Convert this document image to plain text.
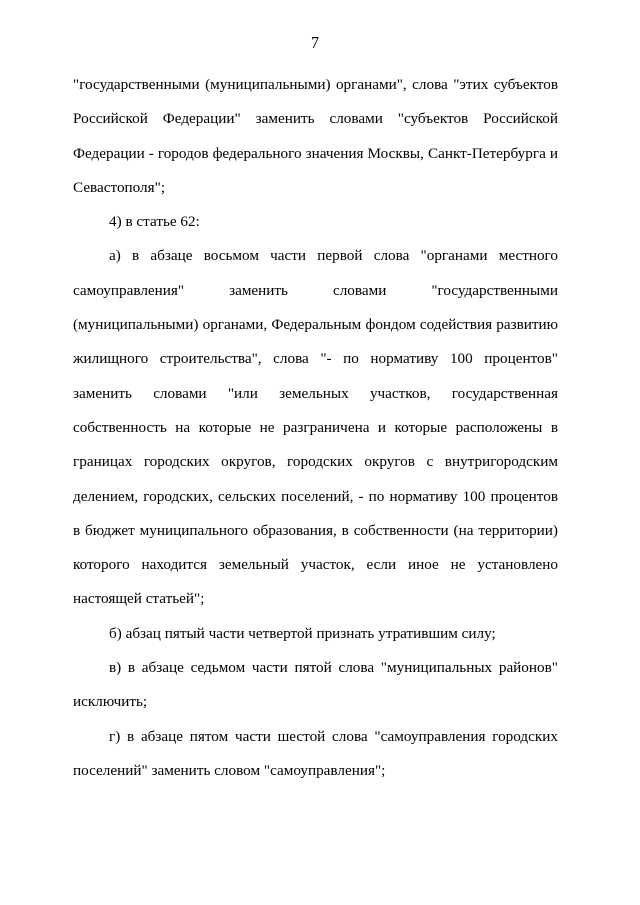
7

"государственными (муниципальными) органами", слова "этих субъектов Российской Федерации" заменить словами "субъектов Российской Федерации - городов федерального значения Москвы, Санкт-Петербурга и Севастополя";

4) в статье 62:

а) в абзаце восьмом части первой слова "органами местного самоуправления" заменить словами "государственными (муниципальными) органами, Федеральным фондом содействия развитию жилищного строительства", слова "- по нормативу 100 процентов" заменить словами "или земельных участков, государственная собственность на которые не разграничена и которые расположены в границах городских округов, городских округов с внутригородским делением, городских, сельских поселений, - по нормативу 100 процентов в бюджет муниципального образования, в собственности (на территории) которого находится земельный участок, если иное не установлено настоящей статьей";

б) абзац пятый части четвертой признать утратившим силу;

в) в абзаце седьмом части пятой слова "муниципальных районов" исключить;

г) в абзаце пятом части шестой слова "самоуправления городских поселений" заменить словом "самоуправления";
